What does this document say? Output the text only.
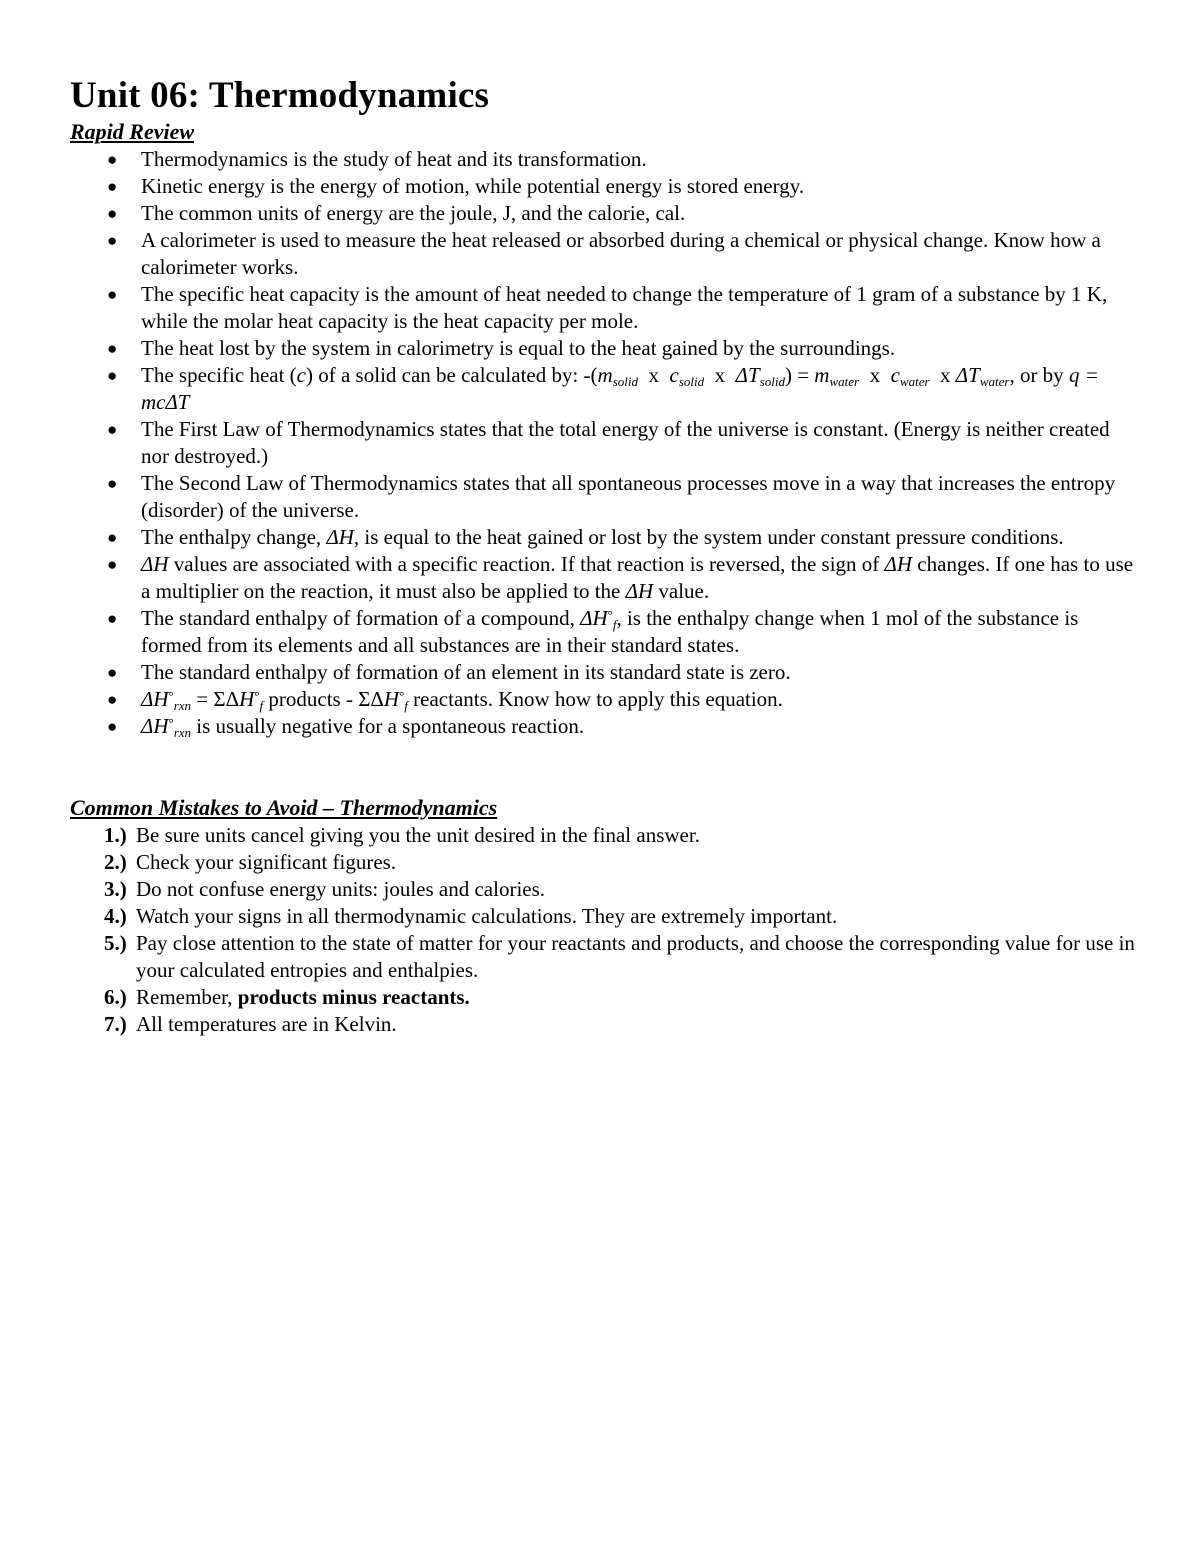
Unit 06: Thermodynamics
Rapid Review
● Thermodynamics is the study of heat and its transformation.
● Kinetic energy is the energy of motion, while potential energy is stored energy.
● The common units of energy are the joule, J, and the calorie, cal.
● A calorimeter is used to measure the heat released or absorbed during a chemical or physical change. Know how a calorimeter works.
● The specific heat capacity is the amount of heat needed to change the temperature of 1 gram of a substance by 1 K, while the molar heat capacity is the heat capacity per mole.
● The heat lost by the system in calorimetry is equal to the heat gained by the surroundings.
● The specific heat (c) of a solid can be calculated by: $-(m_{solid}$ x $c_{solid}$ x $\Delta T_{solid}) = m_{water}$ x $c_{water}$ x $\Delta T_{water}$, or by q = mcΔT
● The First Law of Thermodynamics states that the total energy of the universe is constant. (Energy is neither created nor destroyed.)
● The Second Law of Thermodynamics states that all spontaneous processes move in a way that increases the entropy (disorder) of the universe.
● The enthalpy change, ΔH, is equal to the heat gained or lost by the system under constant pressure conditions.
● ΔH values are associated with a specific reaction. If that reaction is reversed, the sign of ΔH changes. If one has to use a multiplier on the reaction, it must also be applied to the ΔH value.
● The standard enthalpy of formation of a compound, $\Delta H^\circ_f$, is the enthalpy change when 1 mol of the substance is formed from its elements and all substances are in their standard states.
● The standard enthalpy of formation of an element in its standard state is zero.
● $\Delta H^\circ_{rxn} = \Sigma\Delta H^\circ_f$ products - $\Sigma\Delta H^\circ_f$ reactants. Know how to apply this equation.
● $\Delta H^\circ_{rxn}$ is usually negative for a spontaneous reaction.
Common Mistakes to Avoid – Thermodynamics
1.) Be sure units cancel giving you the unit desired in the final answer.
2.) Check your significant figures.
3.) Do not confuse energy units: joules and calories.
4.) Watch your signs in all thermodynamic calculations. They are extremely important.
5.) Pay close attention to the state of matter for your reactants and products, and choose the corresponding value for use in your calculated entropies and enthalpies.
6.) Remember, products minus reactants.
7.) All temperatures are in Kelvin.
